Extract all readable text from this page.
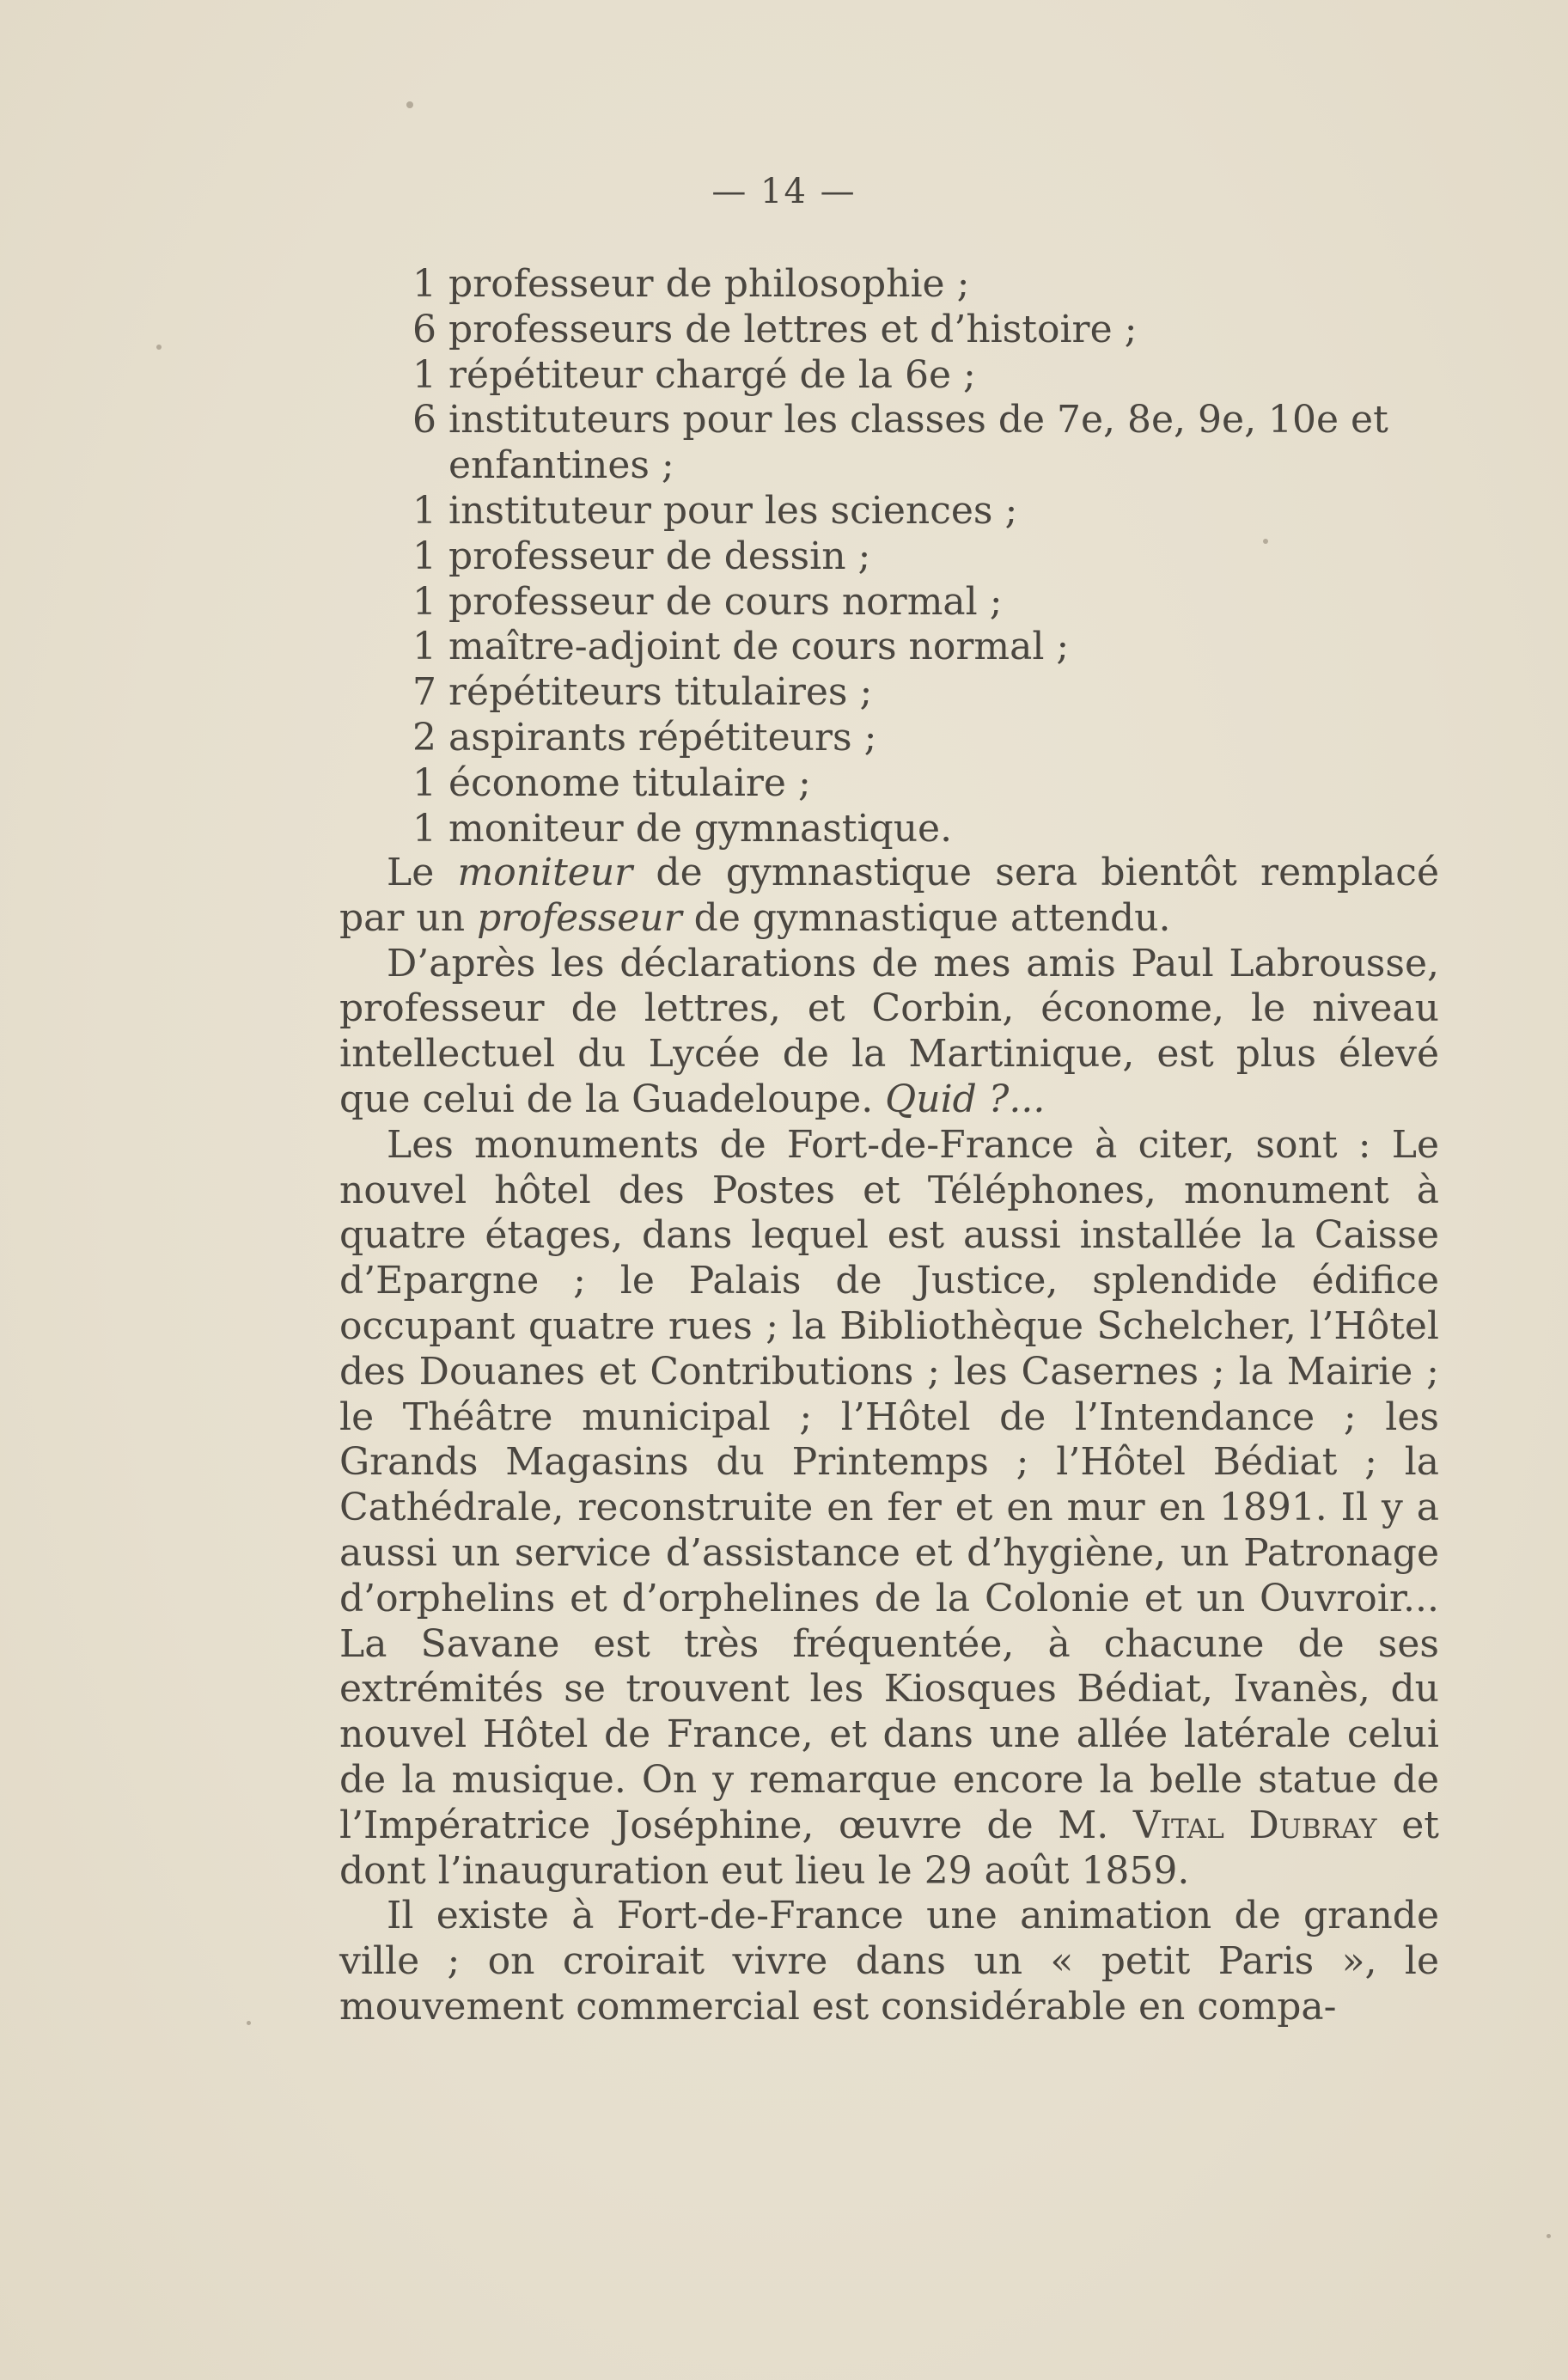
— 14 —
1 professeur de philosophie ;
6 professeurs de lettres et d’histoire ;
1 répétiteur chargé de la 6e ;
6 instituteurs pour les classes de 7e, 8e, 9e, 10e et enfantines ;
1 instituteur pour les sciences ;
1 professeur de dessin ;
1 professeur de cours normal ;
1 maître-adjoint de cours normal ;
7 répétiteurs titulaires ;
2 aspirants répétiteurs ;
1 économe titulaire ;
1 moniteur de gymnastique.

Le moniteur de gymnastique sera bientôt remplacé par un professeur de gymnastique attendu.

D’après les déclarations de mes amis Paul Labrousse, professeur de lettres, et Corbin, économe, le niveau intellectuel du Lycée de la Martinique, est plus élevé que celui de la Guadeloupe. Quid ?...

Les monuments de Fort-de-France à citer, sont : Le nouvel hôtel des Postes et Téléphones, monument à quatre étages, dans lequel est aussi installée la Caisse d’Epargne ; le Palais de Justice, splendide édifice occupant quatre rues ; la Bibliothèque Schelcher, l’Hôtel des Douanes et Contributions ; les Casernes ; la Mairie ; le Théâtre municipal ; l’Hôtel de l’Intendance ; les Grands Magasins du Printemps ; l’Hôtel Bédiat ; la Cathédrale, reconstruite en fer et en mur en 1891. Il y a aussi un service d’assistance et d’hygiène, un Patronage d’orphelins et d’orphelines de la Colonie et un Ouvroir... La Savane est très fréquentée, à chacune de ses extrémités se trouvent les Kiosques Bédiat, Ivanès, du nouvel Hôtel de France, et dans une allée latérale celui de la musique. On y remarque encore la belle statue de l’Impératrice Joséphine, œuvre de M. Vital Dubray et dont l’inauguration eut lieu le 29 août 1859.

Il existe à Fort-de-France une animation de grande ville ; on croirait vivre dans un « petit Paris », le mouvement commercial est considérable en compa-
